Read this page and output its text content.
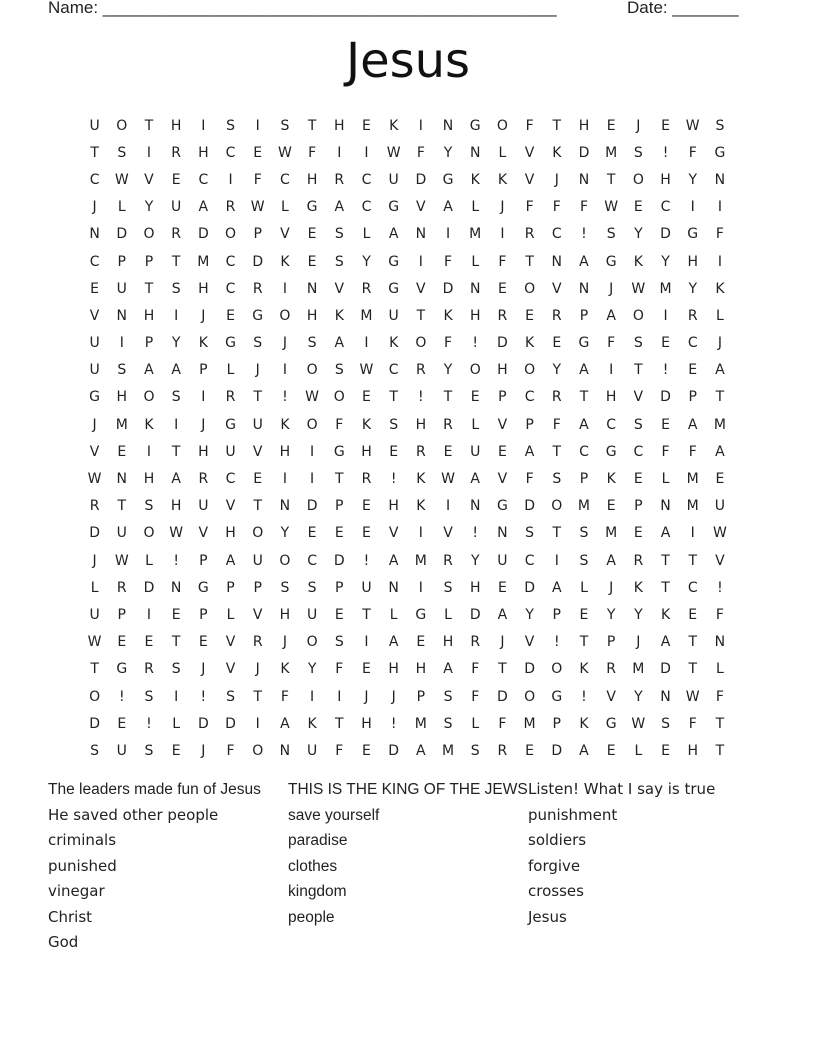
Name: ________________________________________________	Date: _______
Jesus
U	O	T	H	I	S	I	S	T	H	E	K	I	N	G	O	F	T	H	E	J	E	W	S
T	S	I	R	H	C	E	W	F	I	I	W	F	Y	N	L	V	K	D	M	S	!	F	G
C	W	V	E	C	I	F	C	H	R	C	U	D	G	K	K	V	J	N	T	O	H	Y	N
J	L	Y	U	A	R	W	L	G	A	C	G	V	A	L	J	F	F	F	W	E	C	I	I
N	D	O	R	D	O	P	V	E	S	L	A	N	I	M	I	R	C	!	S	Y	D	G	F
C	P	P	T	M	C	D	K	E	S	Y	G	I	F	L	F	T	N	A	G	K	Y	H	I
E	U	T	S	H	C	R	I	N	V	R	G	V	D	N	E	O	V	N	J	W	M	Y	K
V	N	H	I	J	E	G	O	H	K	M	U	T	K	H	R	E	R	P	A	O	I	R	L
U	I	P	Y	K	G	S	J	S	A	I	K	O	F	!	D	K	E	G	F	S	E	C	J
U	S	A	A	P	L	J	I	O	S	W	C	R	Y	O	H	O	Y	A	I	T	!	E	A
G	H	O	S	I	R	T	!	W	O	E	T	!	T	E	P	C	R	T	H	V	D	P	T
J	M	K	I	J	G	U	K	O	F	K	S	H	R	L	V	P	F	A	C	S	E	A	M
V	E	I	T	H	U	V	H	I	G	H	E	R	E	U	E	A	T	C	G	C	F	F	A
W	N	H	A	R	C	E	I	I	T	R	!	K	W	A	V	F	S	P	K	E	L	M	E
R	T	S	H	U	V	T	N	D	P	E	H	K	I	N	G	D	O	M	E	P	N	M	U
D	U	O	W	V	H	O	Y	E	E	E	V	I	V	!	N	S	T	S	M	E	A	I	W
J	W	L	!	P	A	U	O	C	D	!	A	M	R	Y	U	C	I	S	A	R	T	T	V
L	R	D	N	G	P	P	S	S	P	U	N	I	S	H	E	D	A	L	J	K	T	C	!
U	P	I	E	P	L	V	H	U	E	T	L	G	L	D	A	Y	P	E	Y	Y	K	E	F
W	E	E	T	E	V	R	J	O	S	I	A	E	H	R	J	V	!	T	P	J	A	T	N
T	G	R	S	J	V	J	K	Y	F	E	H	H	A	F	T	D	O	K	R	M	D	T	L
O	!	S	I	!	S	T	F	I	I	J	J	P	S	F	D	O	G	!	V	Y	N	W	F
D	E	!	L	D	D	I	A	K	T	H	!	M	S	L	F	M	P	K	G	W	S	F	T
S	U	S	E	J	F	O	N	U	F	E	D	A	M	S	R	E	D	A	E	L	E	H	T
The leaders made fun of Jesus
He saved other people
criminals
punished
vinegar
Christ
God
THIS IS THE KING OF THE JEWS
save yourself
paradise
clothes
kingdom
people
Listen! What I say is true
punishment
soldiers
forgive
crosses
Jesus
